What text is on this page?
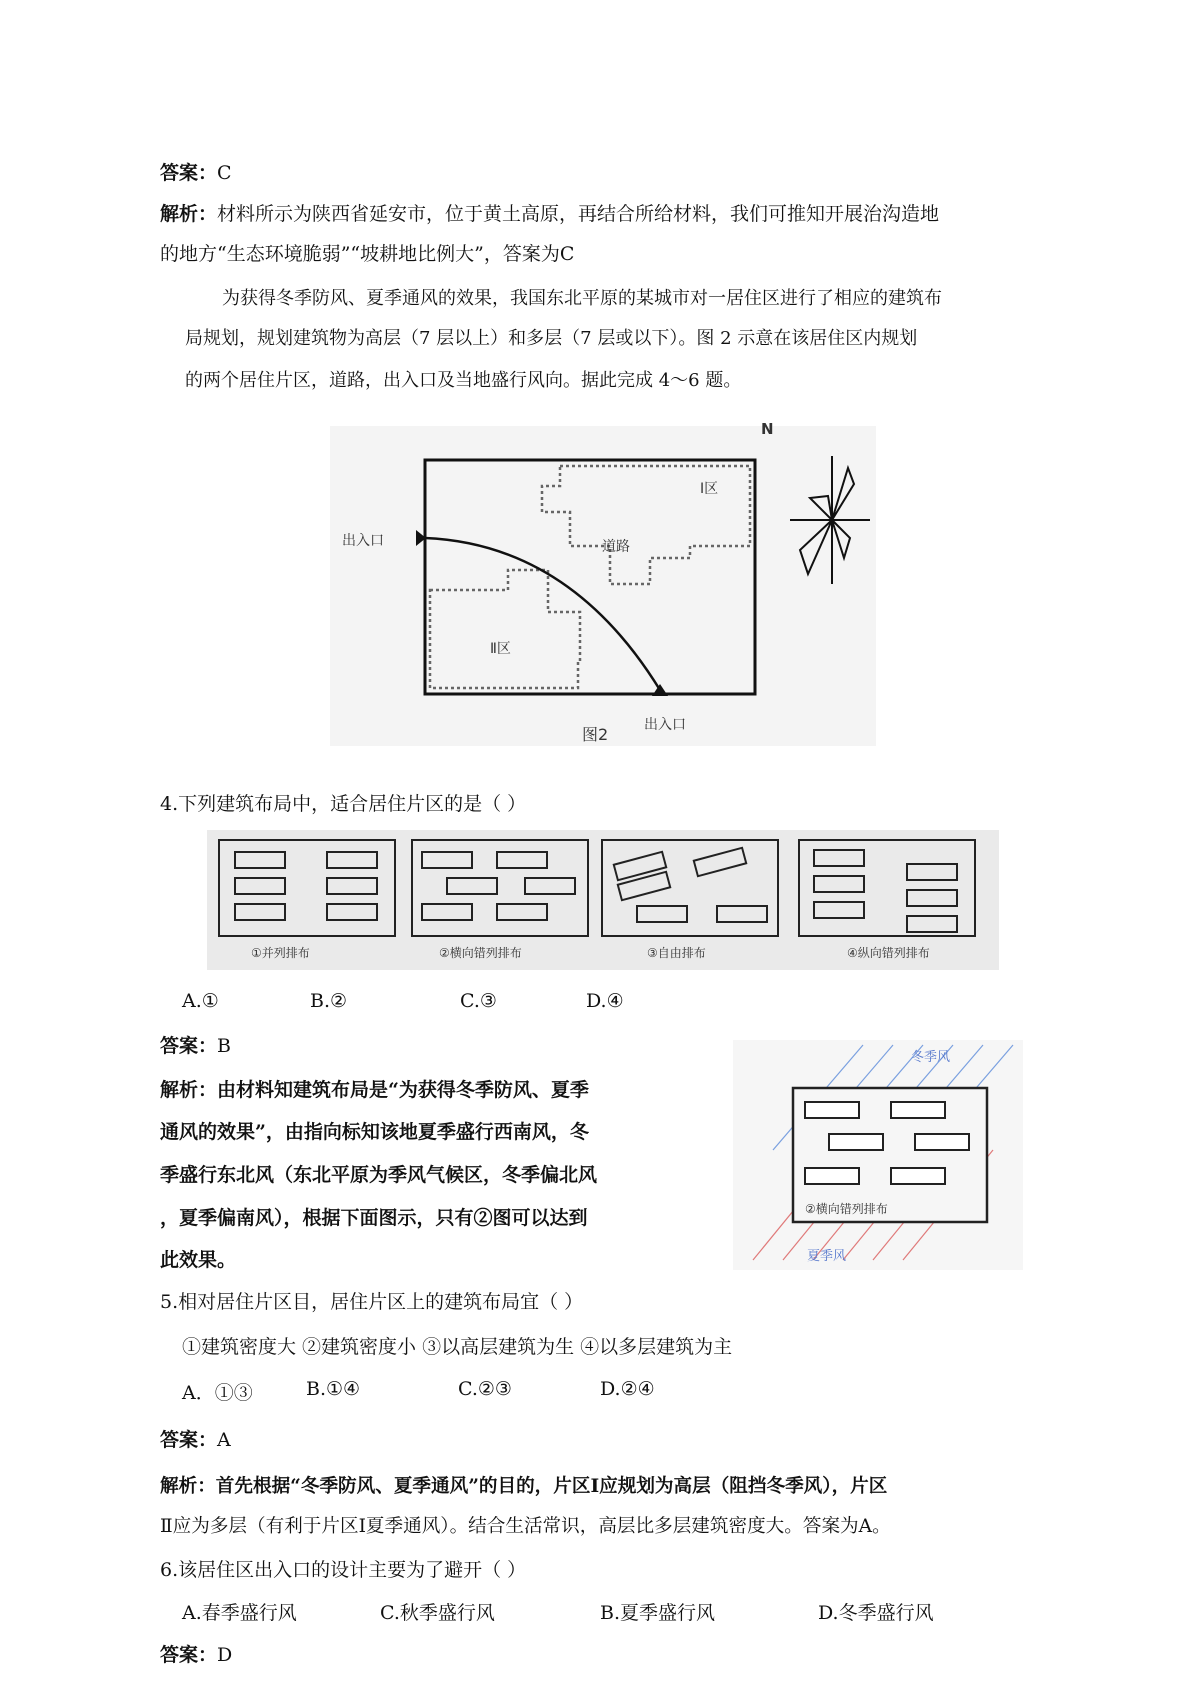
答案：C
解析：材料所示为陕西省延安市，位于黄土高原，再结合所给材料，我们可推知开展治沟造地
的地方“生态环境脆弱”“坡耕地比例大”，答案为C
为获得冬季防风、夏季通风的效果，我国东北平原的某城市对一居住区进行了相应的建筑布
局规划，规划建筑物为高层（7 层以上）和多层（7 层或以下）。图 2 示意在该居住区内规划
的两个居住片区，道路，出入口及当地盛行风向。据此完成 4～6 题。
N
出入口
出入口
道路
Ⅰ区
Ⅱ区
图2
4.下列建筑布局中，适合居住片区的是（ ）
①并列排布	②横向错列排布	③自由排布	④纵向错列排布
A.①	B.②	C.③	D.④
答案：B
解析：由材料知建筑布局是“为获得冬季防风、夏季
通风的效果”，由指向标知该地夏季盛行西南风，冬
季盛行东北风（东北平原为季风气候区，冬季偏北风
，夏季偏南风），根据下面图示，只有②图可以达到
此效果。
冬季风
②横向错列排布
夏季风
5.相对居住片区目，居住片区上的建筑布局宜（ ）
①建筑密度大 ②建筑密度小 ③以高层建筑为生 ④以多层建筑为主
A．①③	B.①④	C.②③	D.②④
答案：A
解析：首先根据“冬季防风、夏季通风”的目的，片区Ⅰ应规划为高层（阻挡冬季风），片区
Ⅱ应为多层（有利于片区Ⅰ夏季通风）。结合生活常识，高层比多层建筑密度大。答案为A。
6.该居住区出入口的设计主要为了避开（ ）
A.春季盛行风	C.秋季盛行风	B.夏季盛行风	D.冬季盛行风
答案：D
